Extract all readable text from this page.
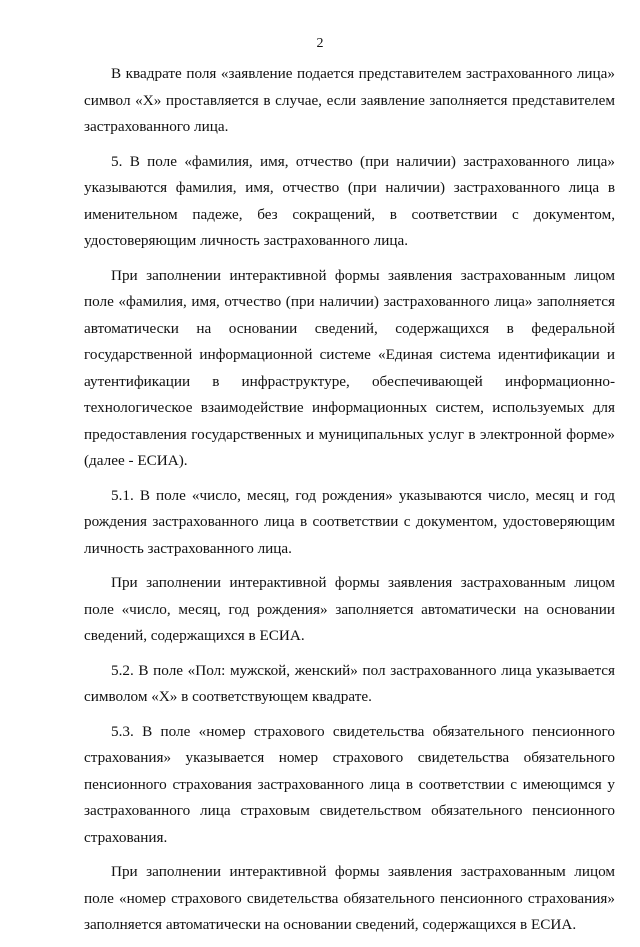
2

В квадрате поля «заявление подается представителем застрахованного лица» символ «X» проставляется в случае, если заявление заполняется представителем застрахованного лица.

5. В поле «фамилия, имя, отчество (при наличии) застрахованного лица» указываются фамилия, имя, отчество (при наличии) застрахованного лица в именительном падеже, без сокращений, в соответствии с документом, удостоверяющим личность застрахованного лица.

При заполнении интерактивной формы заявления застрахованным лицом поле «фамилия, имя, отчество (при наличии) застрахованного лица» заполняется автоматически на основании сведений, содержащихся в федеральной государственной информационной системе «Единая система идентификации и аутентификации в инфраструктуре, обеспечивающей информационно-технологическое взаимодействие информационных систем, используемых для предоставления государственных и муниципальных услуг в электронной форме» (далее - ЕСИА).

5.1. В поле «число, месяц, год рождения» указываются число, месяц и год рождения застрахованного лица в соответствии с документом, удостоверяющим личность застрахованного лица.

При заполнении интерактивной формы заявления застрахованным лицом поле «число, месяц, год рождения» заполняется автоматически на основании сведений, содержащихся в ЕСИА.

5.2. В поле «Пол: мужской, женский» пол застрахованного лица указывается символом «X» в соответствующем квадрате.

5.3. В поле «номер страхового свидетельства обязательного пенсионного страхования» указывается номер страхового свидетельства обязательного пенсионного страхования застрахованного лица в соответствии с имеющимся у застрахованного лица страховым свидетельством обязательного пенсионного страхования.

При заполнении интерактивной формы заявления застрахованным лицом поле «номер страхового свидетельства обязательного пенсионного страхования» заполняется автоматически на основании сведений, содержащихся в ЕСИА.
